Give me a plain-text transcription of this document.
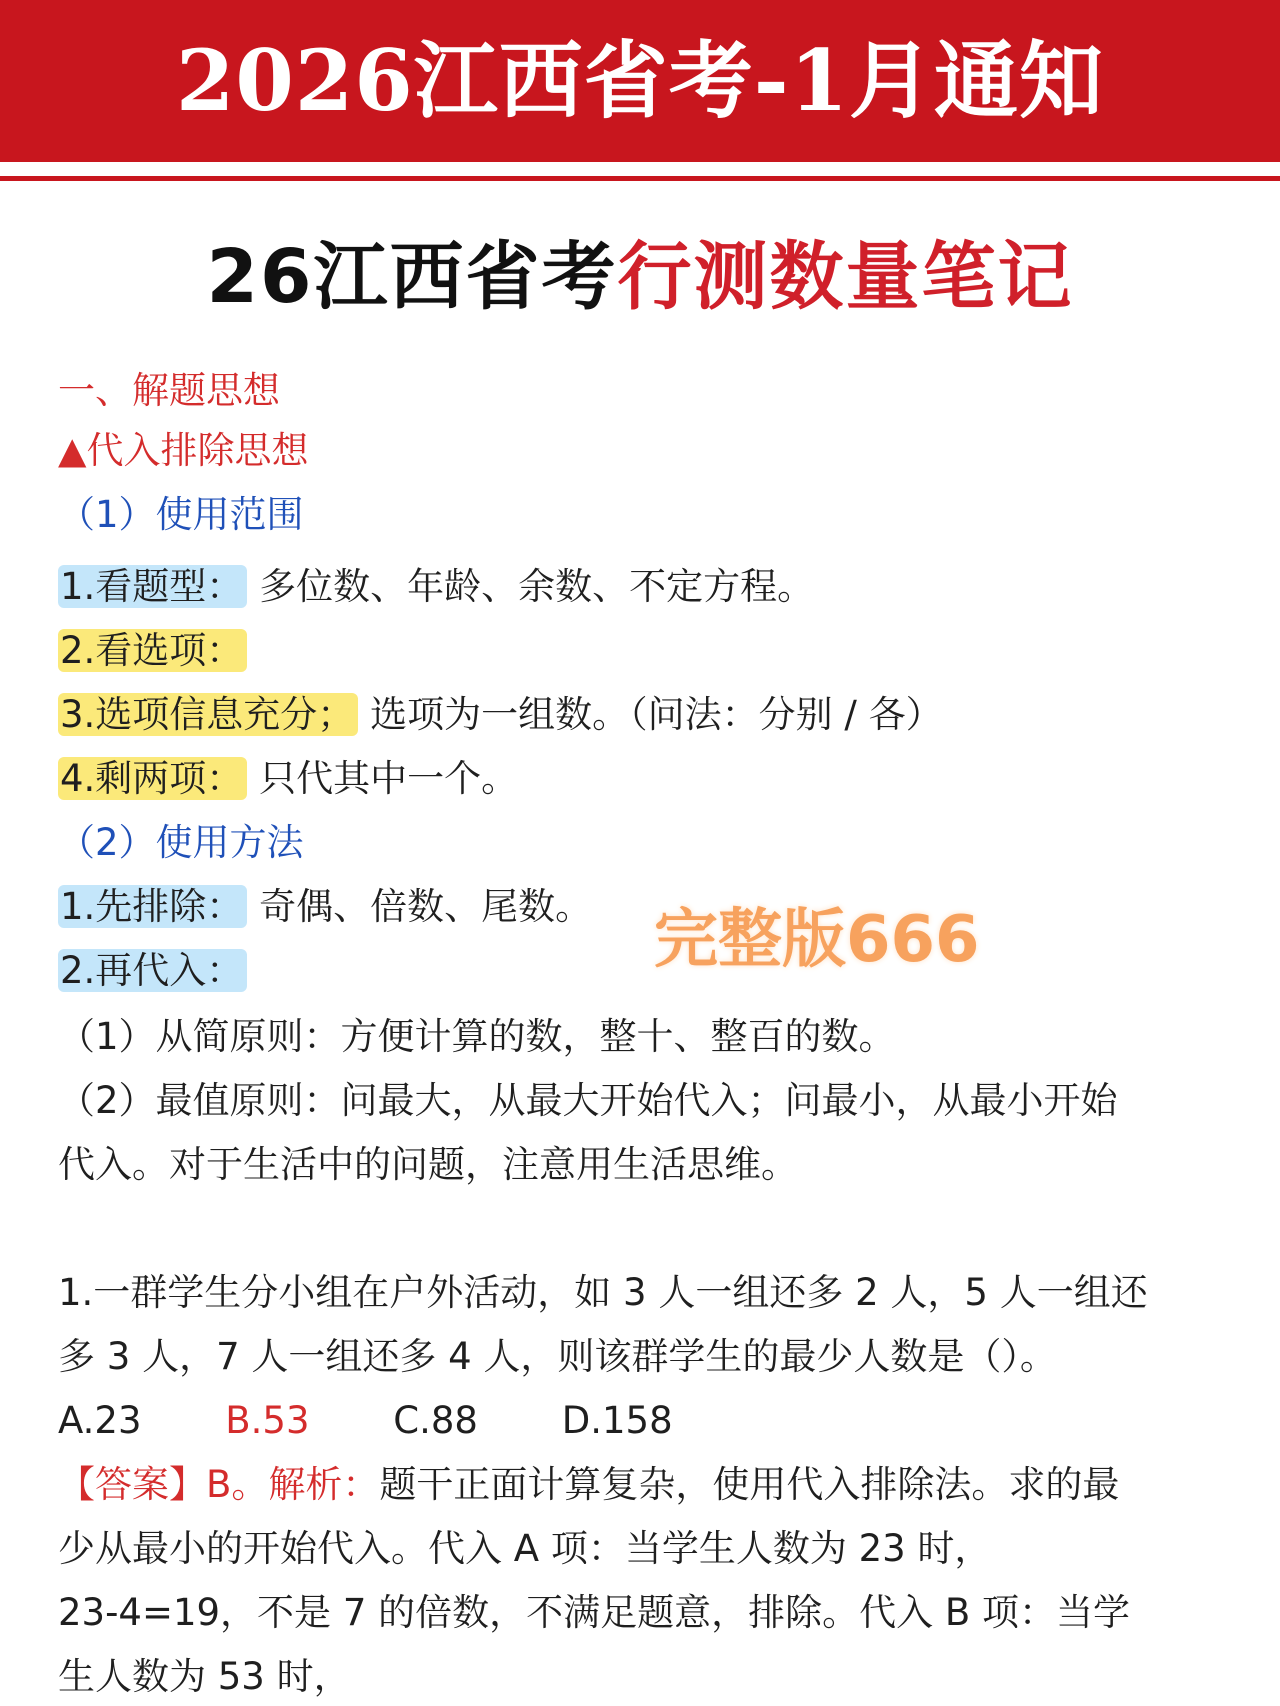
2026江西省考-1月通知
26江西省考行测数量笔记
一、解题思想
▲代入排除思想
（1）使用范围
1.看题型： 多位数、年龄、余数、不定方程。
2.看选项：
3.选项信息充分； 选项为一组数。（问法：分别 / 各）
4.剩两项： 只代其中一个。
（2）使用方法
1.先排除： 奇偶、倍数、尾数。
2.再代入：	完整版666
（1）从简原则：方便计算的数，整十、整百的数。
（2）最值原则：问最大，从最大开始代入；问最小，从最小开始
代入。对于生活中的问题，注意用生活思维。
1.一群学生分小组在户外活动，如 3 人一组还多 2 人，5 人一组还
多 3 人，7 人一组还多 4 人，则该群学生的最少人数是（）。
A.23 B.53 C.88 D.158
【答案】B。解析：题干正面计算复杂，使用代入排除法。求的最
少从最小的开始代入。代入 A 项：当学生人数为 23 时，
23-4=19，不是 7 的倍数，不满足题意，排除。代入 B 项：当学
生人数为 53 时，
